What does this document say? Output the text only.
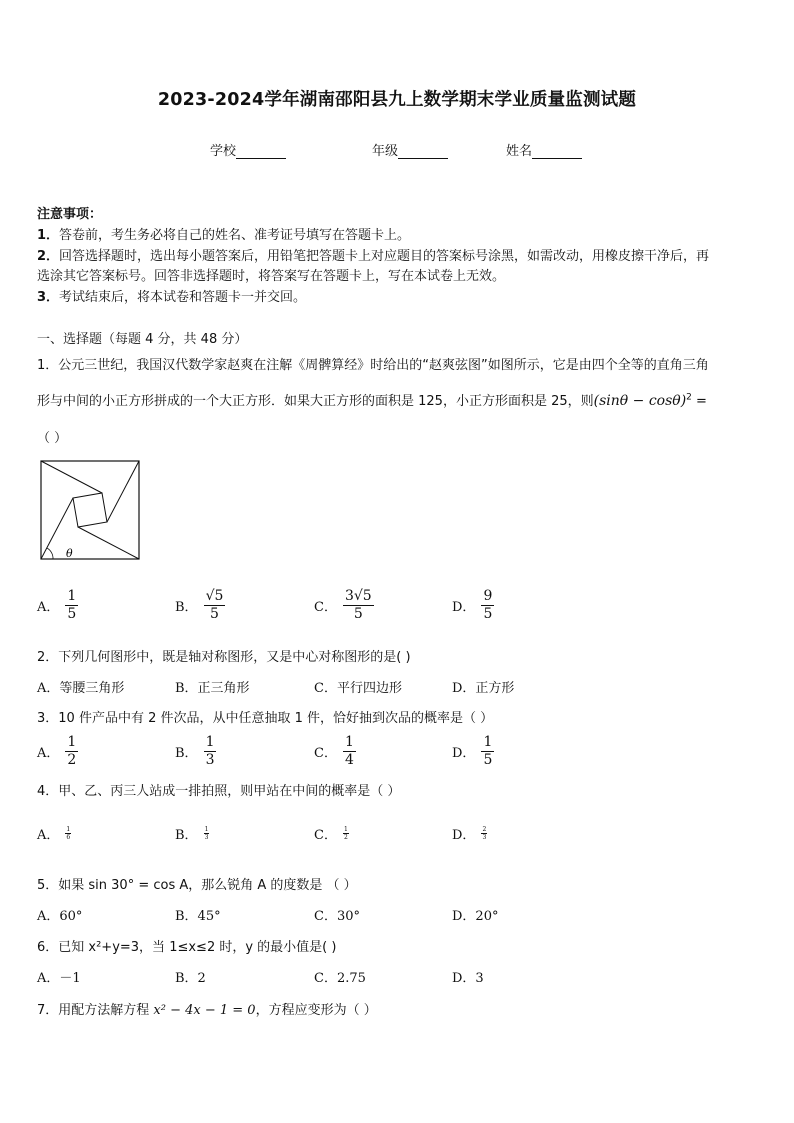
2023-2024学年湖南邵阳县九上数学期末学业质量监测试题
学校	年级	姓名
注意事项：
1．答卷前，考生务必将自己的姓名、准考证号填写在答题卡上。
2．回答选择题时，选出每小题答案后，用铅笔把答题卡上对应题目的答案标号涂黑，如需改动，用橡皮擦干净后，再
选涂其它答案标号。回答非选择题时，将答案写在答题卡上，写在本试卷上无效。
3．考试结束后，将本试卷和答题卡一并交回。
一、选择题（每题 4 分，共 48 分）
1．公元三世纪，我国汉代数学家赵爽在注解《周髀算经》时给出的“赵爽弦图”如图所示，它是由四个全等的直角三角
形与中间的小正方形拼成的一个大正方形．如果大正方形的面积是 125，小正方形面积是 25，则$(\sin\theta - \cos\theta)^2$ =
（ ）
θ
A． $\frac{1}{5}$	B． $\frac{√5}{5}$	C． $\frac{3√5}{5}$	D． $\frac{9}{5}$
2．下列几何图形中，既是轴对称图形，又是中心对称图形的是( )
A．等腰三角形	B．正三角形	C．平行四边形	D．正方形
3．10 件产品中有 2 件次品，从中任意抽取 1 件，恰好抽到次品的概率是（ ）
A． $\frac{1}{2}$	B． $\frac{1}{3}$	C． $\frac{1}{4}$	D． $\frac{1}{5}$
4．甲、乙、丙三人站成一排拍照，则甲站在中间的概率是（ ）
A． $\frac{1}{6}$	B． $\frac{1}{3}$	C． $\frac{1}{2}$	D． $\frac{2}{3}$
5．如果 sin 30° = cos A，那么锐角 A 的度数是 （ ）
A．60°	B．45°	C．30°	D．20°
6．已知 x²+y=3，当 1≤x≤2 时，y 的最小值是( )
A．－1	B．2	C．2.75	D．3
7．用配方法解方程 x² − 4x − 1 = 0，方程应变形为（ ）
